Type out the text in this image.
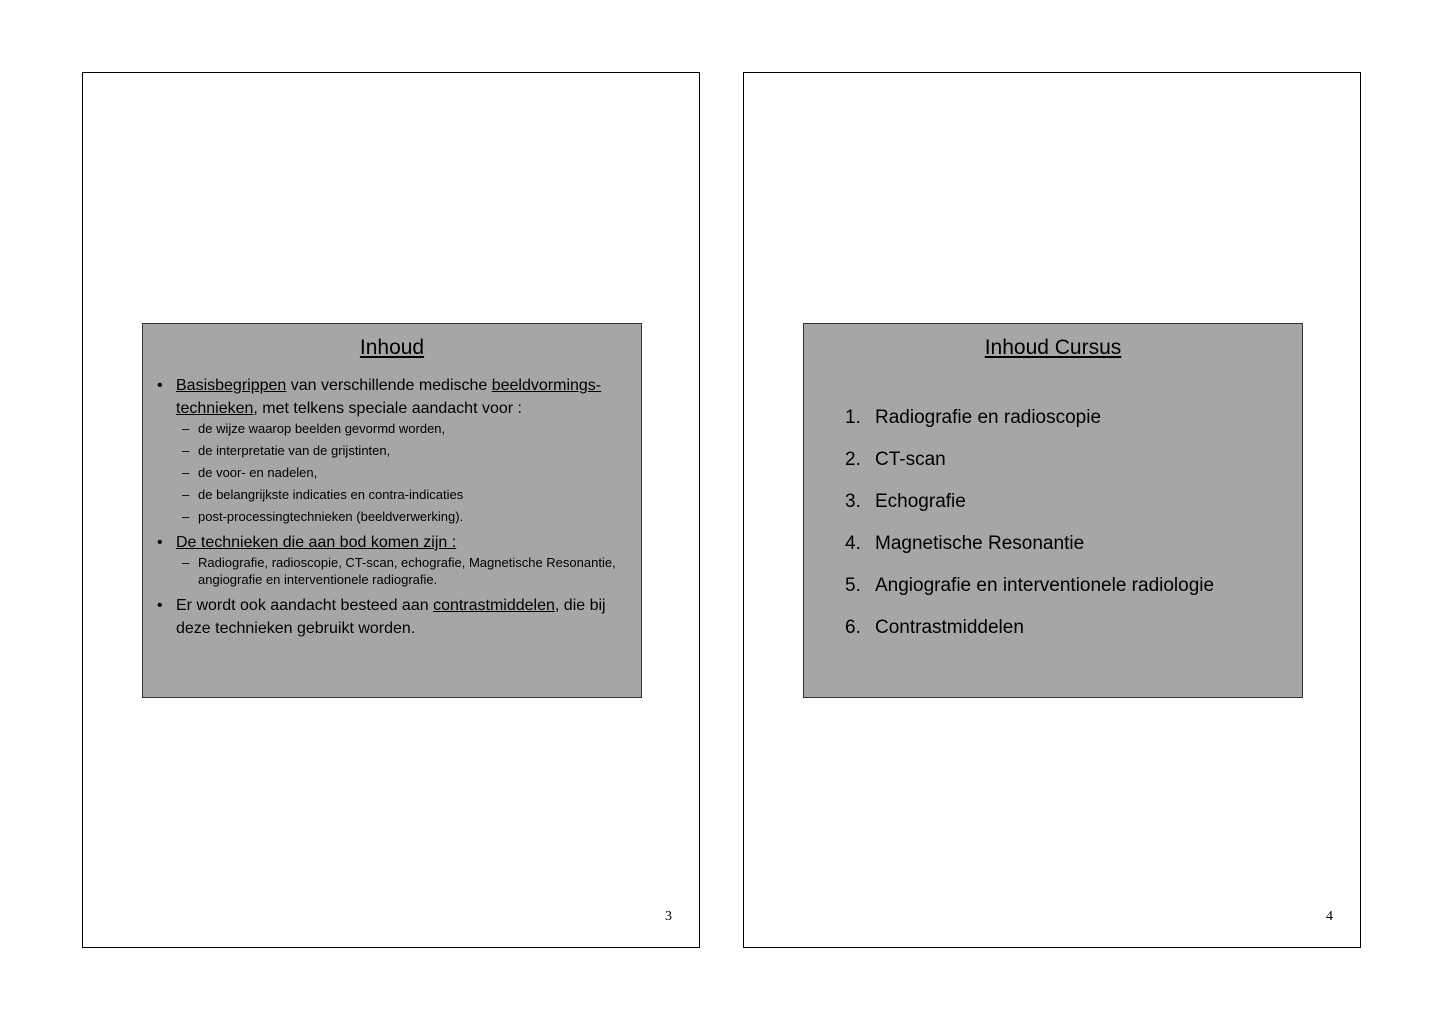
Inhoud
• Basisbegrippen van verschillende medische beeldvormings-technieken, met telkens speciale aandacht voor :
– de wijze waarop beelden gevormd worden,
– de interpretatie van de grijstinten,
– de voor- en nadelen,
– de belangrijkste indicaties en contra-indicaties
– post-processingtechnieken (beeldverwerking).
• De technieken die aan bod komen zijn :
– Radiografie, radioscopie, CT-scan, echografie, Magnetische Resonantie, angiografie en interventionele radiografie.
• Er wordt ook aandacht besteed aan contrastmiddelen, die bij deze technieken gebruikt worden.
3
Inhoud Cursus
1. Radiografie en radioscopie
2. CT-scan
3. Echografie
4. Magnetische Resonantie
5. Angiografie en interventionele radiologie
6. Contrastmiddelen
4
